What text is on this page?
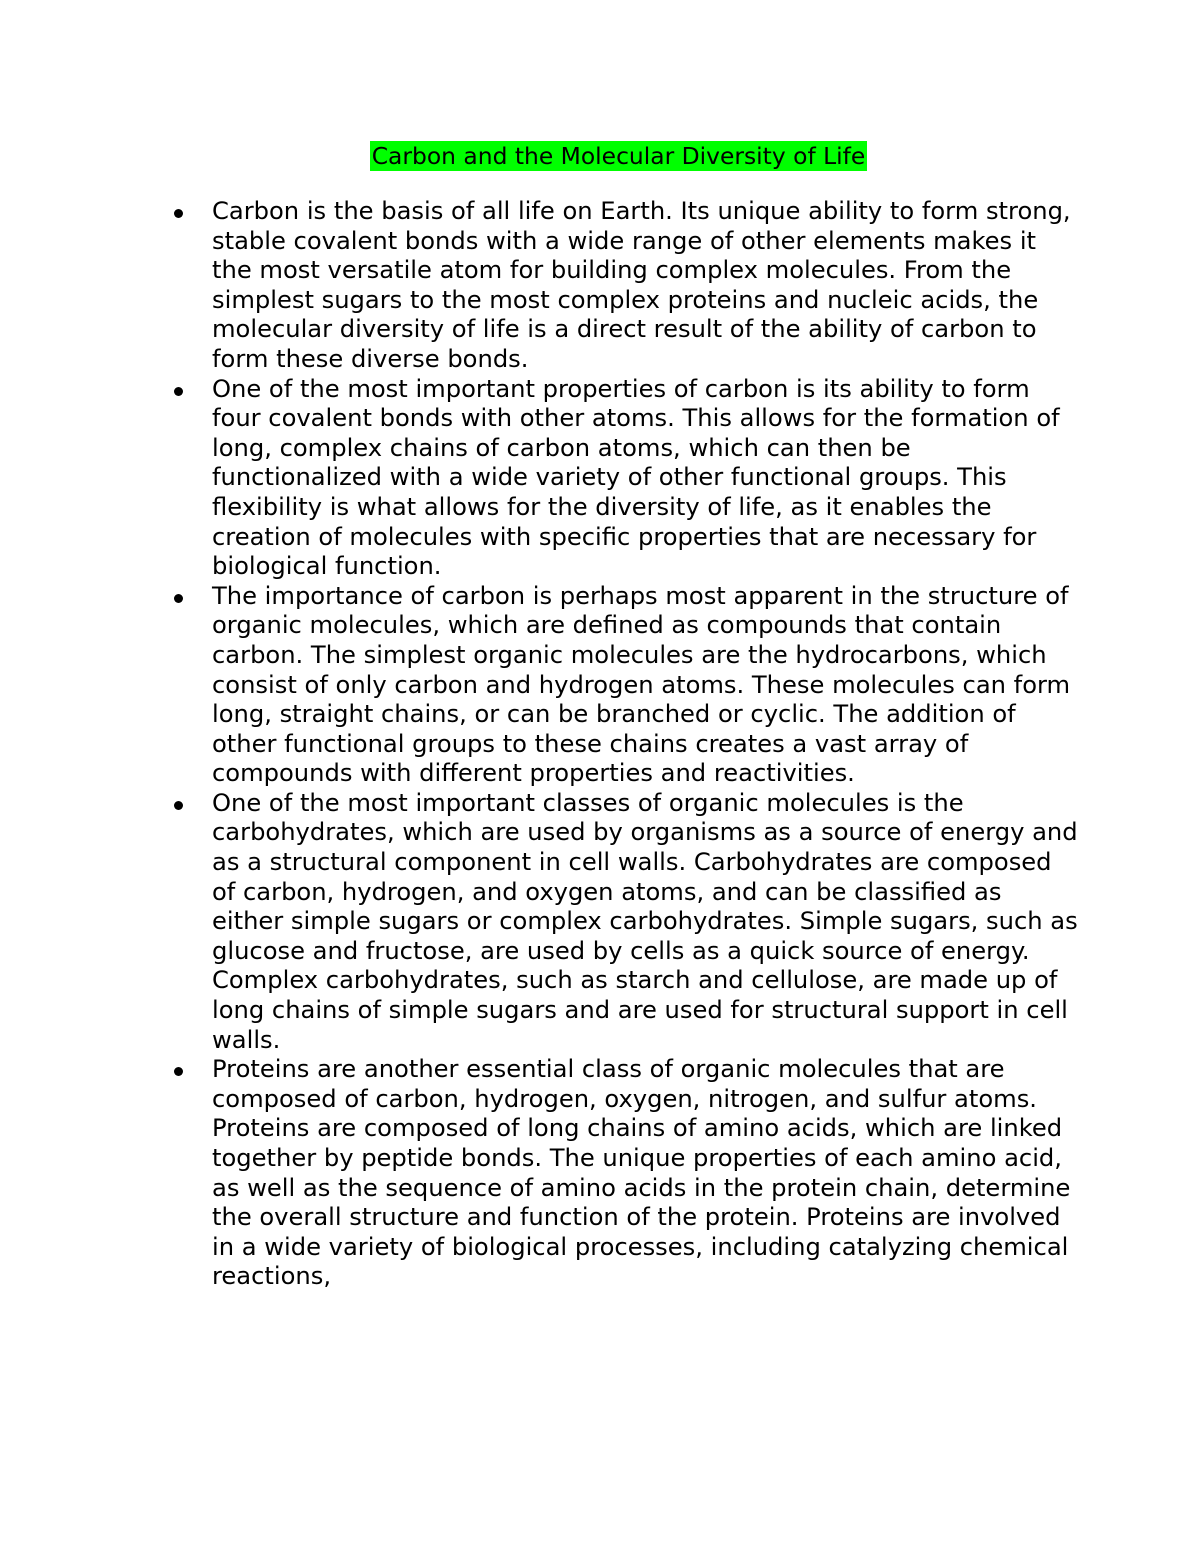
Carbon and the Molecular Diversity of Life
Carbon is the basis of all life on Earth. Its unique ability to form strong, stable covalent bonds with a wide range of other elements makes it the most versatile atom for building complex molecules. From the simplest sugars to the most complex proteins and nucleic acids, the molecular diversity of life is a direct result of the ability of carbon to form these diverse bonds.
One of the most important properties of carbon is its ability to form four covalent bonds with other atoms. This allows for the formation of long, complex chains of carbon atoms, which can then be functionalized with a wide variety of other functional groups. This flexibility is what allows for the diversity of life, as it enables the creation of molecules with specific properties that are necessary for biological function.
The importance of carbon is perhaps most apparent in the structure of organic molecules, which are defined as compounds that contain carbon. The simplest organic molecules are the hydrocarbons, which consist of only carbon and hydrogen atoms. These molecules can form long, straight chains, or can be branched or cyclic. The addition of other functional groups to these chains creates a vast array of compounds with different properties and reactivities.
One of the most important classes of organic molecules is the carbohydrates, which are used by organisms as a source of energy and as a structural component in cell walls. Carbohydrates are composed of carbon, hydrogen, and oxygen atoms, and can be classified as either simple sugars or complex carbohydrates. Simple sugars, such as glucose and fructose, are used by cells as a quick source of energy. Complex carbohydrates, such as starch and cellulose, are made up of long chains of simple sugars and are used for structural support in cell walls.
Proteins are another essential class of organic molecules that are composed of carbon, hydrogen, oxygen, nitrogen, and sulfur atoms. Proteins are composed of long chains of amino acids, which are linked together by peptide bonds. The unique properties of each amino acid, as well as the sequence of amino acids in the protein chain, determine the overall structure and function of the protein. Proteins are involved in a wide variety of biological processes, including catalyzing chemical reactions,
